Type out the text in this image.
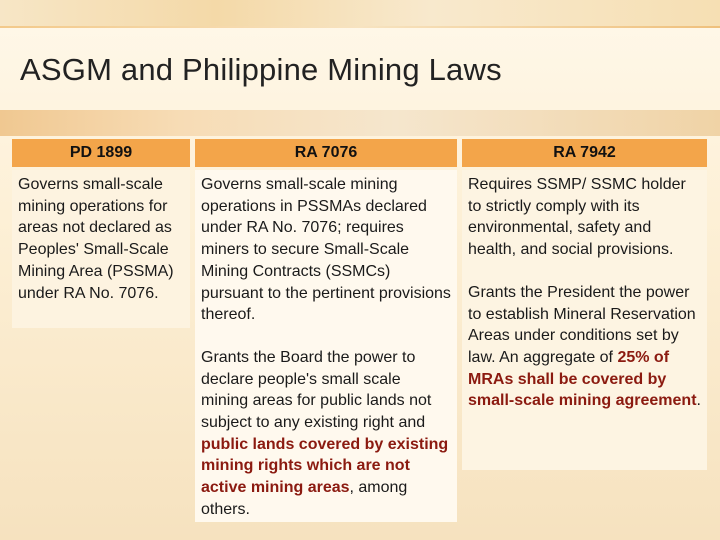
ASGM and Philippine Mining Laws
PD 1899	RA 7076	RA 7942

Governs small-scale mining operations for areas not declared as Peoples' Small-Scale Mining Area (PSSMA) under RA No. 7076.

Governs small-scale mining operations in PSSMAs declared under RA No. 7076; requires miners to secure Small-Scale Mining Contracts (SSMCs) pursuant to the pertinent provisions thereof.

Grants the Board the power to declare people's small scale mining areas for public lands not subject to any existing right and public lands covered by existing mining rights which are not active mining areas, among others.

Requires SSMP/ SSMC holder to strictly comply with its environmental, safety and health, and social provisions.

Grants the President the power to establish Mineral Reservation Areas under conditions set by law. An aggregate of 25% of MRAs shall be covered by small-scale mining agreement.
